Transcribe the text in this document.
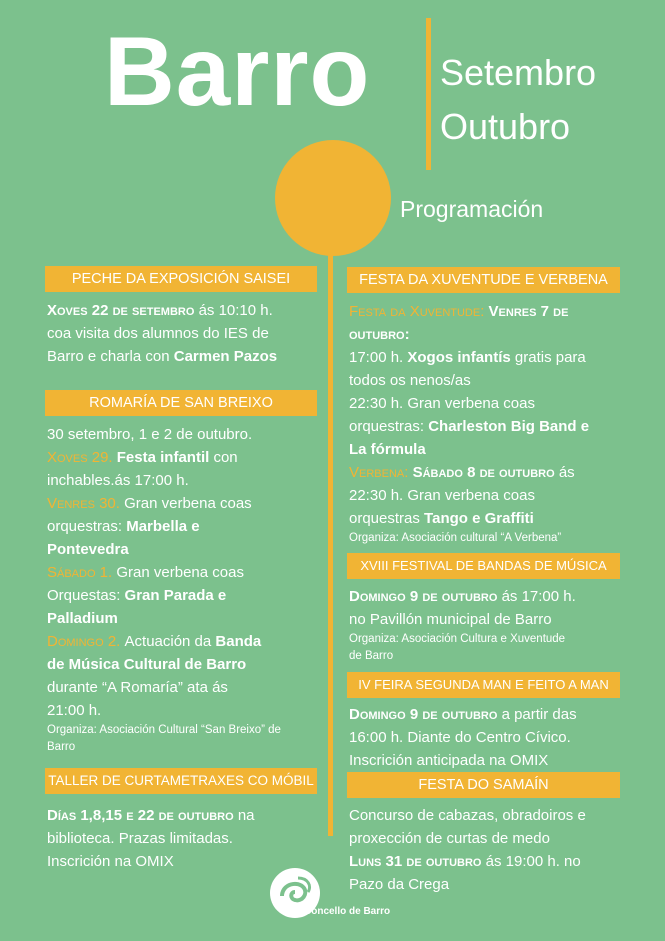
Barro Setembro
Outubro
Programación
PECHE DA EXPOSICIÓN SAISEI
Xoves 22 de setembro ás 10:10 h.
coa visita dos alumnos do IES de
Barro e charla con Carmen Pazos
ROMARÍA DE SAN BREIXO
30 setembro, 1 e 2 de outubro.
Xoves 29. Festa infantil con
inchables.ás 17:00 h.
Venres 30. Gran verbena coas
orquestras: Marbella e
Pontevedra
Sábado 1. Gran verbena coas
Orquestas: Gran Parada e
Palladium
Domingo 2. Actuación da Banda
de Música Cultural de Barro
durante “A Romaría” ata ás
21:00 h.
Organiza: Asociación Cultural “San Breixo” de
Barro
TALLER DE CURTAMETRAXES CO MÓBIL
Días 1,8,15 e 22 de outubro na
biblioteca. Prazas limitadas.
Inscrición na OMIX
FESTA DA XUVENTUDE E VERBENA
Festa da Xuventude: Venres 7 de
outubro:
17:00 h. Xogos infantís gratis para
todos os nenos/as
22:30 h. Gran verbena coas
orquestras: Charleston Big Band e
La fórmula
Verbena: Sábado 8 de outubro ás
22:30 h. Gran verbena coas
orquestras Tango e Graffiti
Organiza: Asociación cultural “A Verbena”
XVIII FESTIVAL DE BANDAS DE MÚSICA
Domingo 9 de outubro ás 17:00 h.
no Pavillón municipal de Barro
Organiza: Asociación Cultura e Xuventude
de Barro
IV FEIRA SEGUNDA MAN E FEITO A MAN
Domingo 9 de outubro a partir das
16:00 h. Diante do Centro Cívico.
Inscrición anticipada na OMIX
FESTA DO SAMAÍN
Concurso de cabazas, obradoiros e
proxección de curtas de medo
Luns 31 de outubro ás 19:00 h. no
Pazo da Crega
Concello de Barro
